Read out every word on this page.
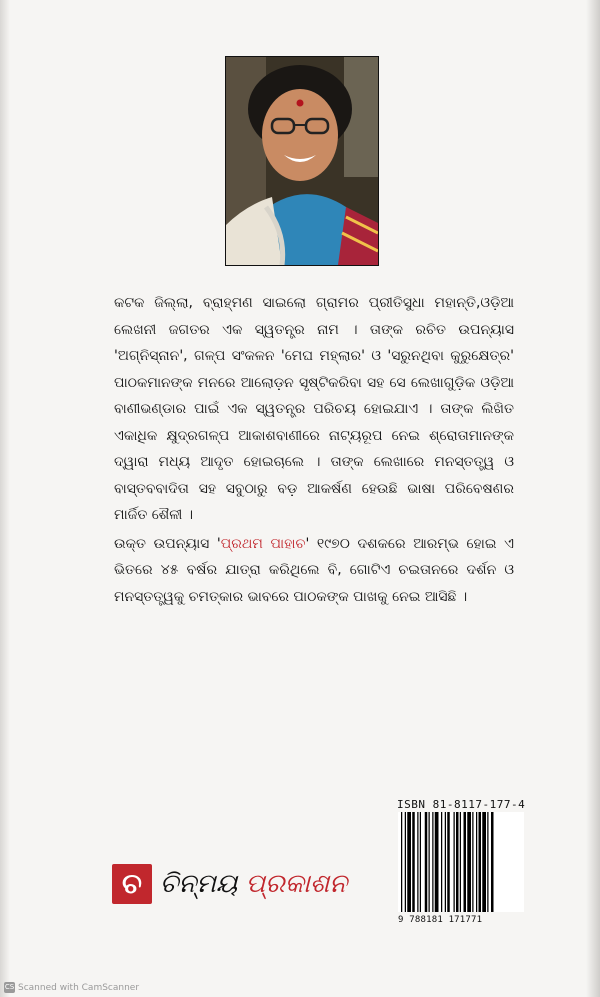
କଟକ ଜିଲ୍ଲା, ବ୍ରାହ୍ମଣ ସାଇଲୋ ଗ୍ରାମର ପ୍ରୀତିସୁଧା ମହାନ୍ତି,ଓଡ଼ିଆ ଲେଖନୀ ଜଗତର ଏକ ସ୍ୱତନ୍ତ୍ର ନାମ । ତାଙ୍କ ରଚିତ ଉପନ୍ୟାସ 'ଅଗ୍ନିସ୍ନାନ', ଗଳ୍ପ ସଂକଳନ 'ମେଘ ମହ୍ଲାର' ଓ 'ସରୁନଥିବା କୁରୁକ୍ଷେତ୍ର' ପାଠକମାନଙ୍କ ମନରେ ଆଲୋଡ଼ନ ସୃଷ୍ଟିକରିବା ସହ ସେ ଲେଖାଗୁଡ଼ିକ ଓଡ଼ିଆ ବାଣୀଭଣ୍ଡାର ପାଇଁ ଏକ ସ୍ୱତନ୍ତ୍ର ପରିଚୟ ହୋଇଯାଏ । ତାଙ୍କ ଲିଖିତ ଏକାଧିକ କ୍ଷୁଦ୍ରଗଳ୍ପ ଆକାଶବାଣୀରେ ନାଟ୍ୟରୂପ ନେଇ ଶ୍ରୋତାମାନଙ୍କ ଦ୍ୱାରା ମଧ୍ୟ ଆଦୃତ ହୋଇଚାଲେ । ତାଙ୍କ ଲେଖାରେ ମନସ୍ତତ୍ତ୍ୱ ଓ ବାସ୍ତବବାଦିତା ସହ ସବୁଠାରୁ ବଡ଼ ଆକର୍ଷଣ ହେଉଛି ଭାଷା ପରିବେଷଣର ମାର୍ଜିତ ଶୈଳୀ ।

ଉକ୍ତ ଉପନ୍ୟାସ 'ପ୍ରଥମ ପାହାଚ' ୧୯୭୦ ଦଶକରେ ଆରମ୍ଭ ହୋଇ ଏ ଭିତରେ ୪୫ ବର୍ଷର ଯାତ୍ରା କରିଥିଲେ ବି, ଗୋଟିଏ ଚଇତାନରେ ଦର୍ଶନ ଓ ମନସ୍ତତ୍ତ୍ୱକୁ ଚମତ୍କାର ଭାବରେ ପାଠକଙ୍କ ପାଖକୁ ନେଇ ଆସିଛି ।

ISBN 81-8117-177-4
9 788181 171771
ଚ ଚିନ୍ମୟ ପ୍ରକାଶନ
CS Scanned with CamScanner
